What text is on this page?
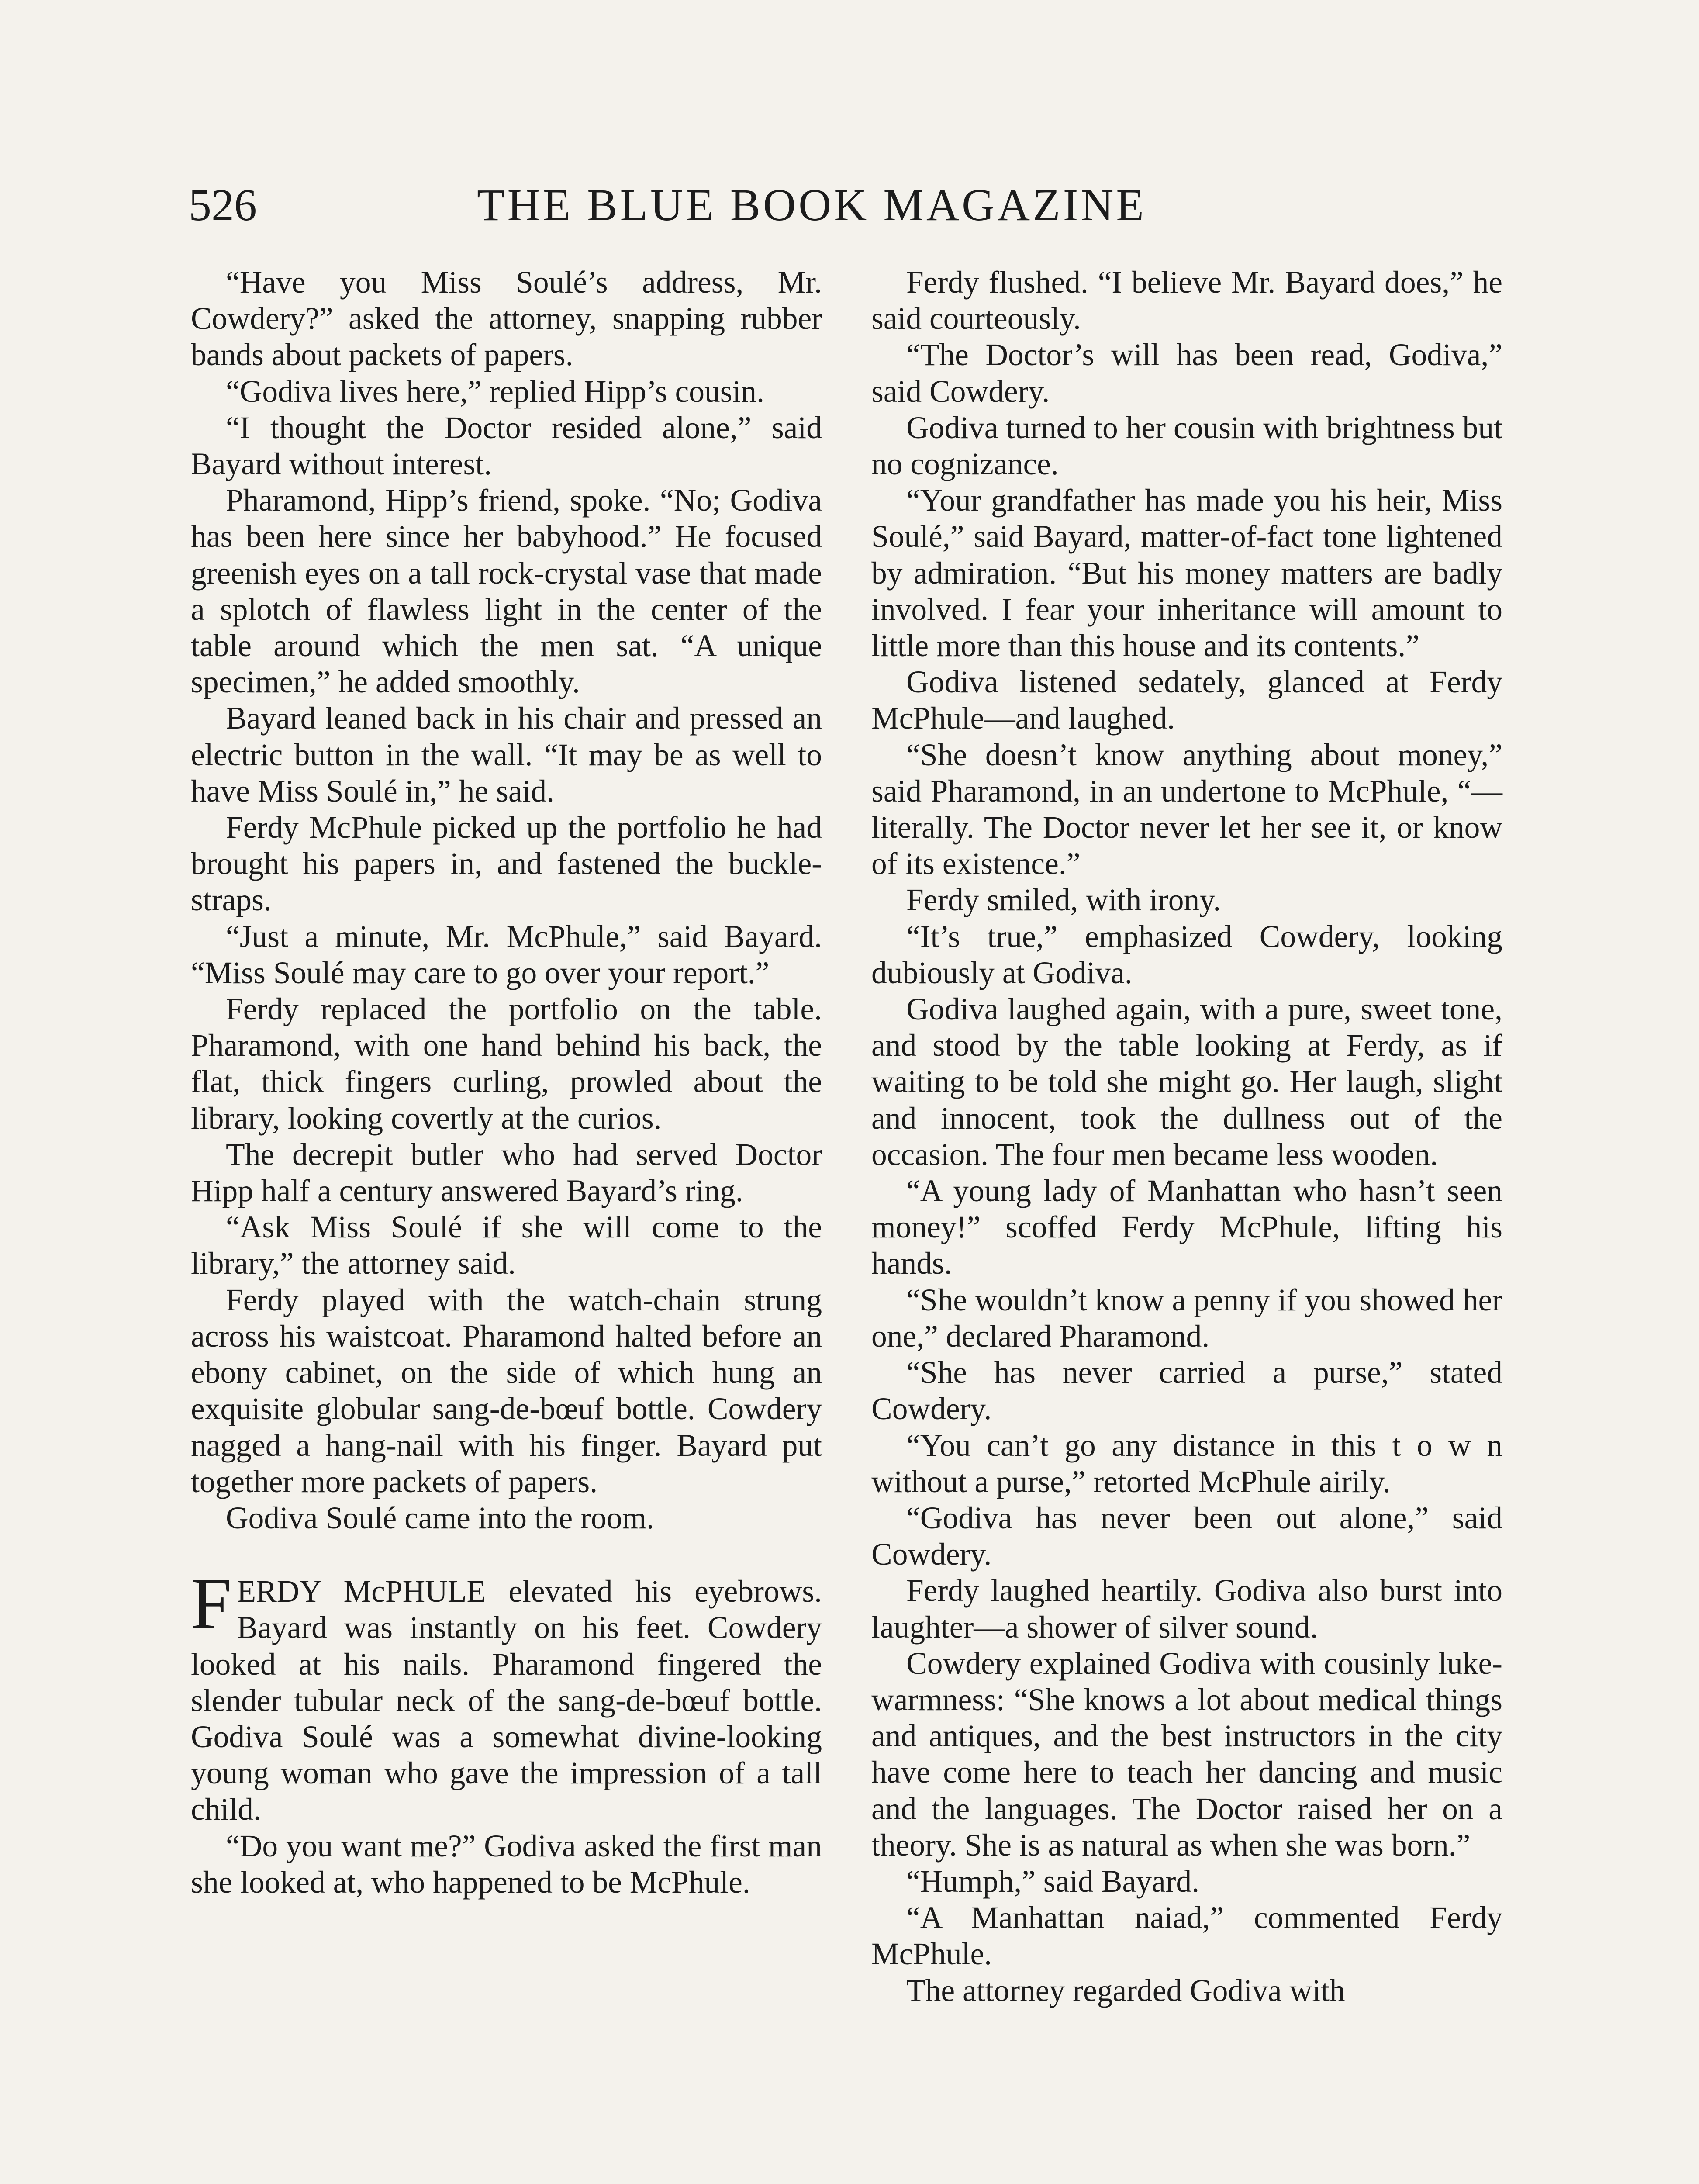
526	THE BLUE BOOK MAGAZINE

“Have you Miss Soulé’s address, Mr. Cowdery?” asked the attorney, snapping rubber bands about packets of papers.

“Godiva lives here,” replied Hipp’s cousin.

“I thought the Doctor resided alone,” said Bayard without interest.

Pharamond, Hipp’s friend, spoke. “No; Godiva has been here since her babyhood.” He focused greenish eyes on a tall rock-crystal vase that made a splotch of flawless light in the center of the table around which the men sat. “A unique specimen,” he added smoothly.

Bayard leaned back in his chair and pressed an electric button in the wall. “It may be as well to have Miss Soulé in,” he said.

Ferdy McPhule picked up the portfolio he had brought his papers in, and fastened the buckle-straps.

“Just a minute, Mr. McPhule,” said Bayard. “Miss Soulé may care to go over your report.”

Ferdy replaced the portfolio on the table. Pharamond, with one hand behind his back, the flat, thick fingers curling, prowled about the library, looking covertly at the curios.

The decrepit butler who had served Doctor Hipp half a century answered Bayard’s ring.

“Ask Miss Soulé if she will come to the library,” the attorney said.

Ferdy played with the watch-chain strung across his waistcoat. Pharamond halted before an ebony cabinet, on the side of which hung an exquisite globular sang-de-bœuf bottle. Cowdery nagged a hang-nail with his finger. Bayard put together more packets of papers.

Godiva Soulé came into the room.

FERDY McPHULE elevated his eyebrows. Bayard was instantly on his feet. Cowdery looked at his nails. Pharamond fingered the slender tubular neck of the sang-de-bœuf bottle. Godiva Soulé was a somewhat divine-looking young woman who gave the impression of a tall child.

“Do you want me?” Godiva asked the first man she looked at, who happened to be McPhule.

Ferdy flushed. “I believe Mr. Bayard does,” he said courteously.

“The Doctor’s will has been read, Godiva,” said Cowdery.

Godiva turned to her cousin with brightness but no cognizance.

“Your grandfather has made you his heir, Miss Soulé,” said Bayard, matter-of-fact tone lightened by admiration. “But his money matters are badly involved. I fear your inheritance will amount to little more than this house and its contents.”

Godiva listened sedately, glanced at Ferdy McPhule—and laughed.

“She doesn’t know anything about money,” said Pharamond, in an undertone to McPhule, “—literally. The Doctor never let her see it, or know of its existence.”

Ferdy smiled, with irony.

“It’s true,” emphasized Cowdery, looking dubiously at Godiva.

Godiva laughed again, with a pure, sweet tone, and stood by the table looking at Ferdy, as if waiting to be told she might go. Her laugh, slight and innocent, took the dullness out of the occasion. The four men became less wooden.

“A young lady of Manhattan who hasn’t seen money!” scoffed Ferdy McPhule, lifting his hands.

“She wouldn’t know a penny if you showed her one,” declared Pharamond.

“She has never carried a purse,” stated Cowdery.

“You can’t go any distance in this t o w n without a purse,” retorted McPhule airily.

“Godiva has never been out alone,” said Cowdery.

Ferdy laughed heartily. Godiva also burst into laughter—a shower of silver sound.

Cowdery explained Godiva with cousinly luke-warmness: “She knows a lot about medical things and antiques, and the best instructors in the city have come here to teach her dancing and music and the languages. The Doctor raised her on a theory. She is as natural as when she was born.”

“Humph,” said Bayard.

“A Manhattan naiad,” commented Ferdy McPhule.

The attorney regarded Godiva with
